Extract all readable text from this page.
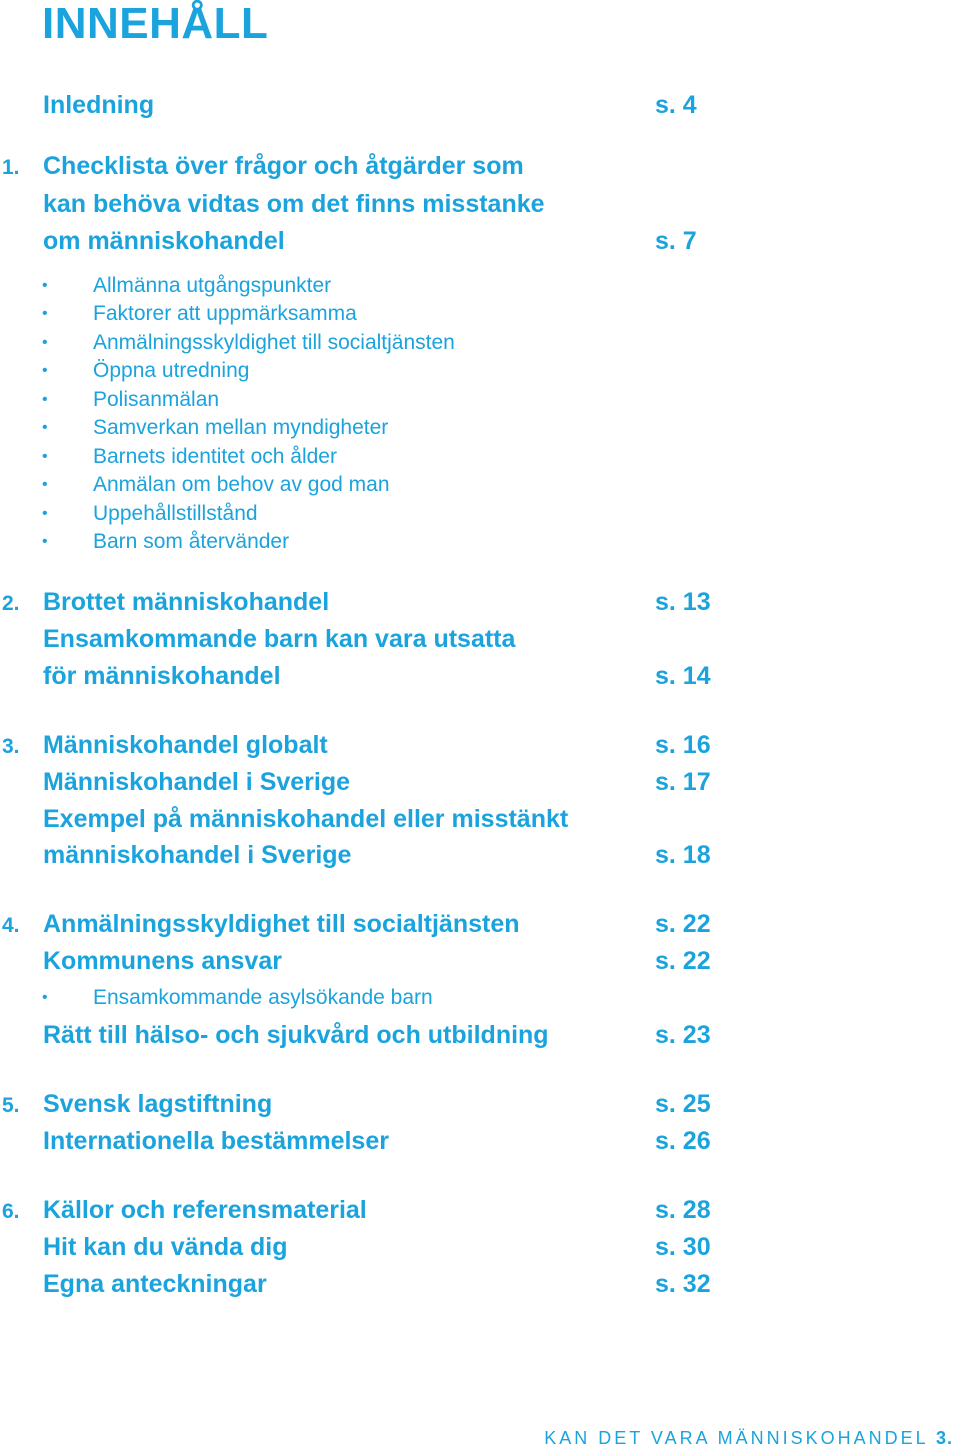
INNEHÅLL
Inledning	s. 4
1. Checklista över frågor och åtgärder som
kan behöva vidtas om det finns misstanke
om människohandel	s. 7
• Allmänna utgångspunkter
• Faktorer att uppmärksamma
• Anmälningsskyldighet till socialtjänsten
• Öppna utredning
• Polisanmälan
• Samverkan mellan myndigheter
• Barnets identitet och ålder
• Anmälan om behov av god man
• Uppehållstillstånd
• Barn som återvänder
2. Brottet människohandel	s. 13
Ensamkommande barn kan vara utsatta
för människohandel	s. 14
3. Människohandel globalt	s. 16
Människohandel i Sverige	s. 17
Exempel på människohandel eller misstänkt
människohandel i Sverige	s. 18
4. Anmälningsskyldighet till socialtjänsten	s. 22
Kommunens ansvar	s. 22
• Ensamkommande asylsökande barn
Rätt till hälso- och sjukvård och utbildning	s. 23
5. Svensk lagstiftning	s. 25
Internationella bestämmelser	s. 26
6. Källor och referensmaterial	s. 28
Hit kan du vända dig	s. 30
Egna anteckningar	s. 32
KAN DET VARA MÄNNISKOHANDEL 3.
